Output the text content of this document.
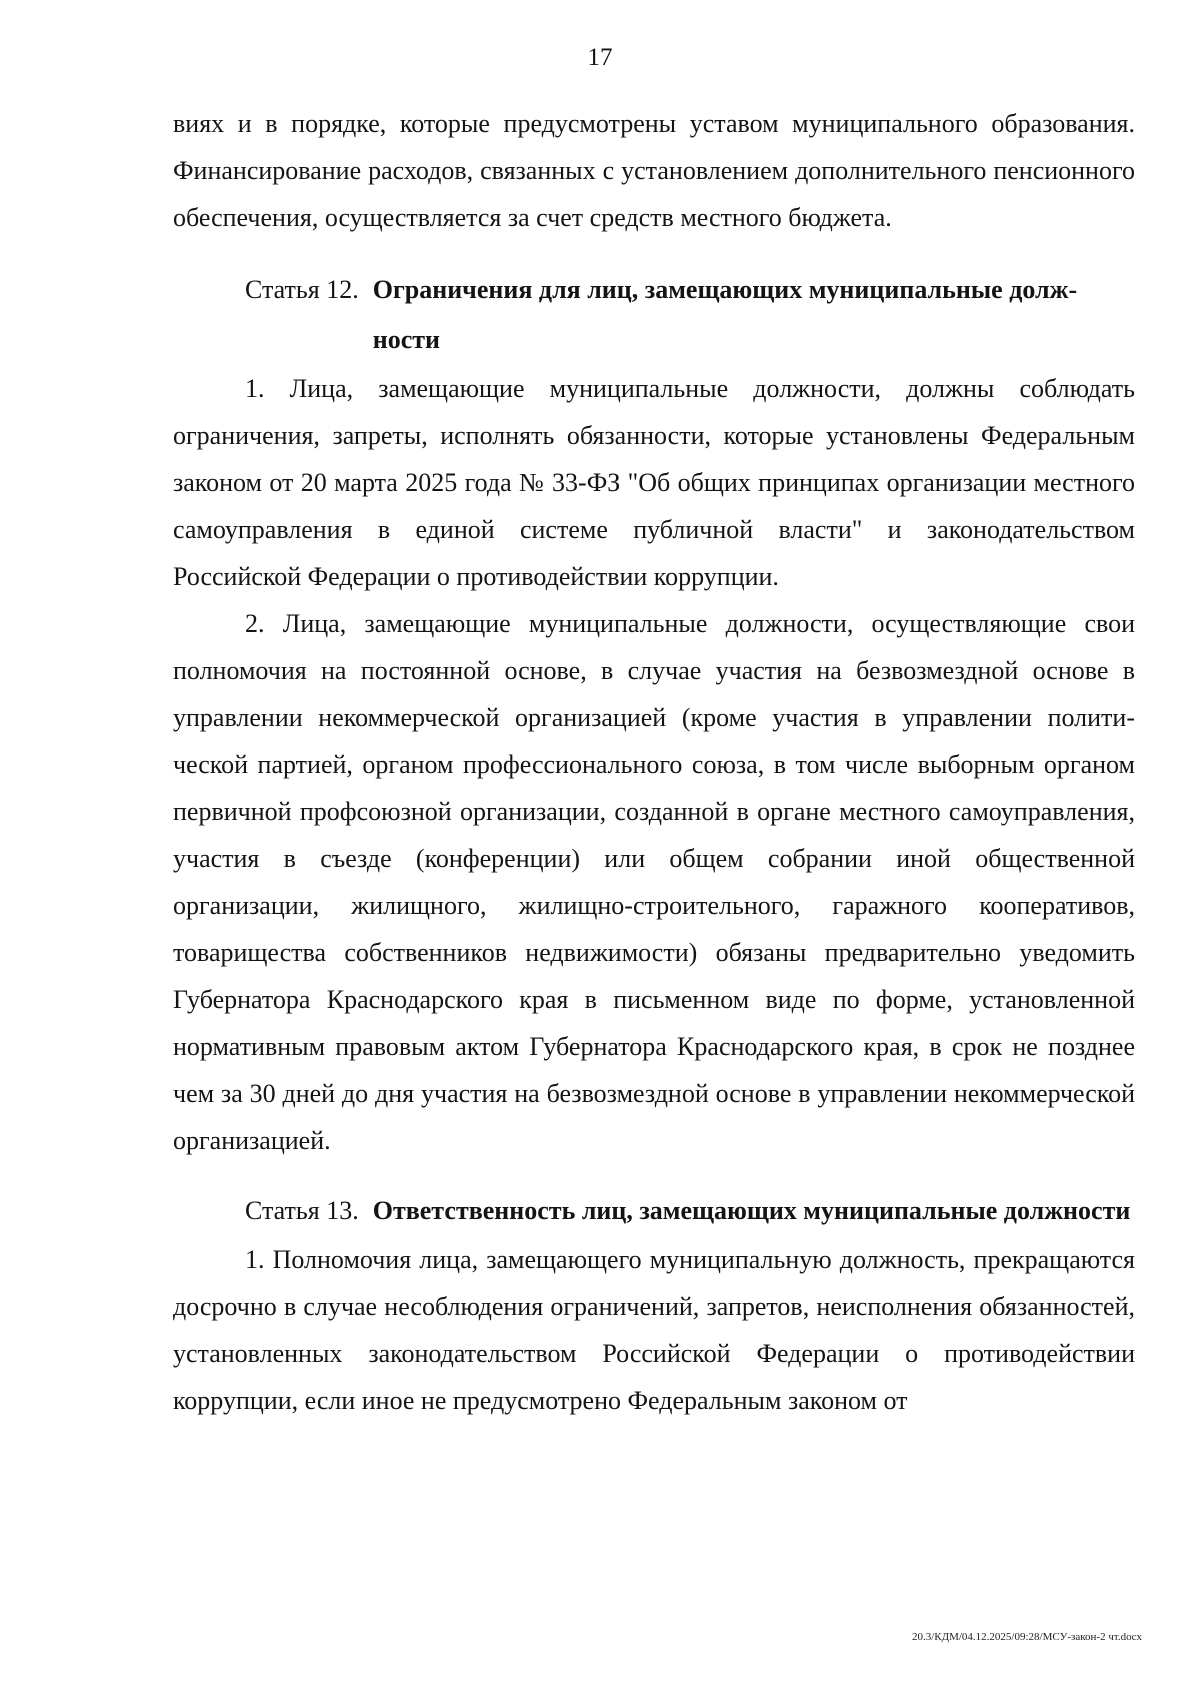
17

виях и в порядке, которые предусмотрены уставом муниципального образования. Финансирование расходов, связанных с установлением дополнительного пенсионного обеспечения, осуществляется за счет средств местного бюджета.

Статья 12. Ограничения для лиц, замещающих муниципальные должности

1. Лица, замещающие муниципальные должности, должны соблюдать ограничения, запреты, исполнять обязанности, которые установлены Федеральным законом от 20 марта 2025 года № 33-ФЗ "Об общих принципах организации местного самоуправления в единой системе публичной власти" и законодательством Российской Федерации о противодействии коррупции.

2. Лица, замещающие муниципальные должности, осуществляющие свои полномочия на постоянной основе, в случае участия на безвозмездной основе в управлении некоммерческой организацией (кроме участия в управлении политической партией, органом профессионального союза, в том числе выборным органом первичной профсоюзной организации, созданной в органе местного самоуправления, участия в съезде (конференции) или общем собрании иной общественной организации, жилищного, жилищно-строительного, гаражного кооперативов, товарищества собственников недвижимости) обязаны предварительно уведомить Губернатора Краснодарского края в письменном виде по форме, установленной нормативным правовым актом Губернатора Краснодарского края, в срок не позднее чем за 30 дней до дня участия на безвозмездной основе в управлении некоммерческой организацией.

Статья 13. Ответственность лиц, замещающих муниципальные должности

1. Полномочия лица, замещающего муниципальную должность, прекращаются досрочно в случае несоблюдения ограничений, запретов, неисполнения обязанностей, установленных законодательством Российской Федерации о противодействии коррупции, если иное не предусмотрено Федеральным законом от

20.3/КДМ/04.12.2025/09:28/МСУ-закон-2 чт.docx
